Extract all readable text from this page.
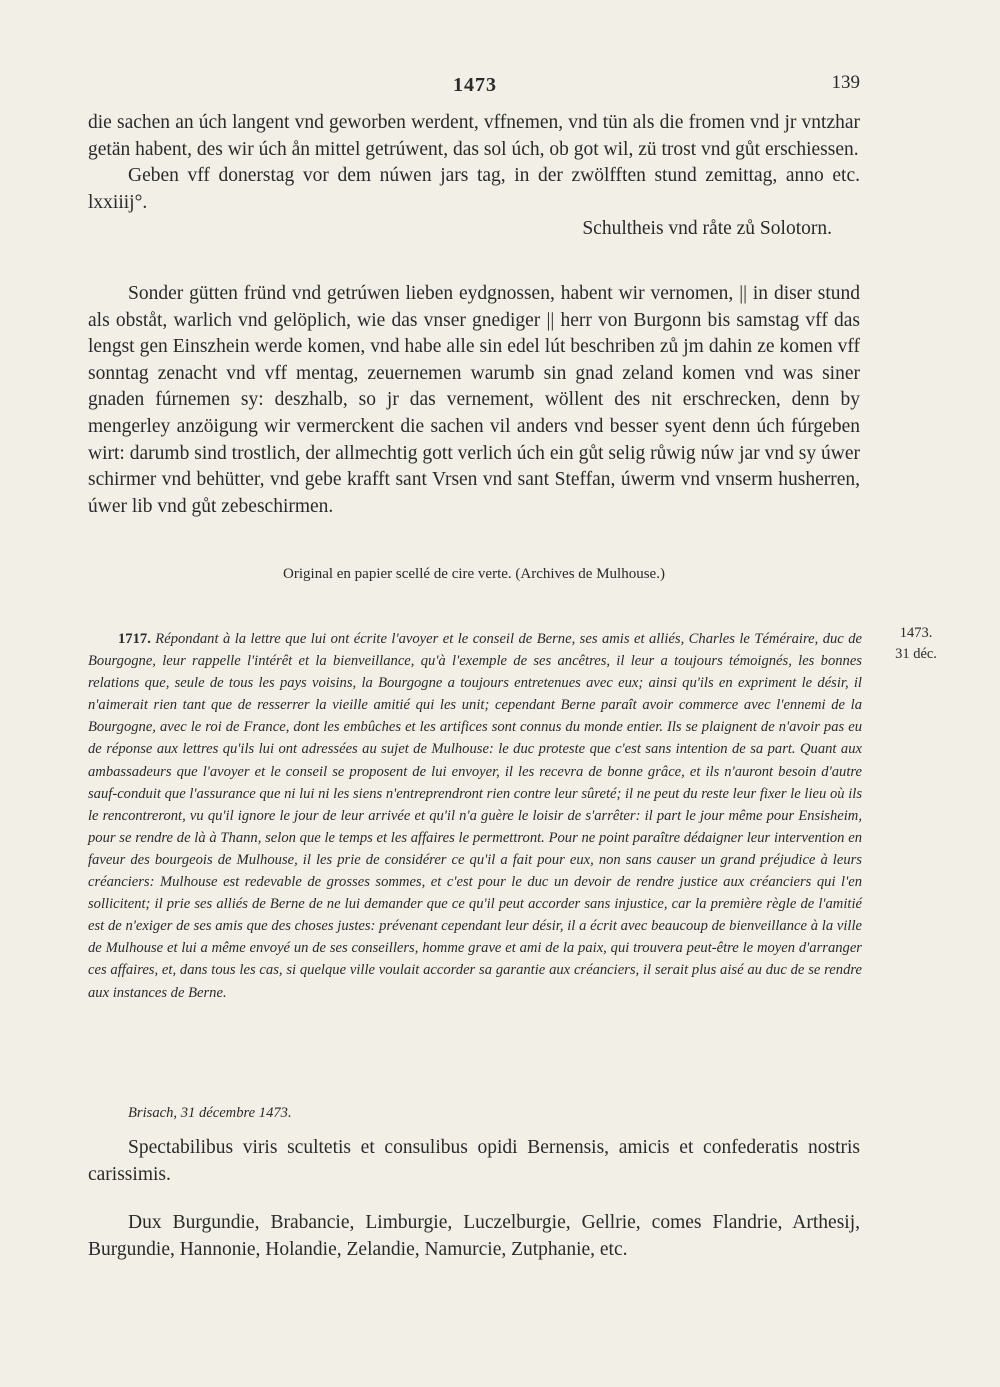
1473	139

die sachen an úch langent vnd geworben werdent, vffnemen, vnd tün als die fromen vnd jr vntzhar getän habent, des wir úch ån mittel getrúwent, das sol úch, ob got wil, zü trost vnd gůt erschiessen.

Geben vff donerstag vor dem núwen jars tag, in der zwölfften stund zemittag, anno etc. lxxiiij°.

Schultheis vnd råte zů Solotorn.

Sonder gütten fründ vnd getrúwen lieben eydgnossen, habent wir vernomen, || in diser stund als obståt, warlich vnd gelöplich, wie das vnser gnediger || herr von Burgonn bis samstag vff das lengst gen Einszhein werde komen, vnd habe alle sin edel lút beschriben zů jm dahin ze komen vff sonntag zenacht vnd vff mentag, zeuernemen warumb sin gnad zeland komen vnd was siner gnaden fúrnemen sy: deszhalb, so jr das vernement, wöllent des nit erschrecken, denn by mengerley anzöigung wir vermerckent die sachen vil anders vnd besser syent denn úch fúrgeben wirt: darumb sind trostlich, der allmechtig gott verlich úch ein gůt selig růwig núw jar vnd sy úwer schirmer vnd behütter, vnd gebe krafft sant Vrsen vnd sant Steffan, úwerm vnd vnserm husherren, úwer lib vnd gůt zebeschirmen.

Original en papier scellé de cire verte. (Archives de Mulhouse.)
1473.
31 déc.
1717. Répondant à la lettre que lui ont écrite l'avoyer et le conseil de Berne, ses amis et alliés, Charles le Téméraire, duc de Bourgogne, leur rappelle l'intérêt et la bienveillance, qu'à l'exemple de ses ancêtres, il leur a toujours témoignés, les bonnes relations que, seule de tous les pays voisins, la Bourgogne a toujours entretenues avec eux; ainsi qu'ils en expriment le désir, il n'aimerait rien tant que de resserrer la vieille amitié qui les unit; cependant Berne paraît avoir commerce avec l'ennemi de la Bourgogne, avec le roi de France, dont les embûches et les artifices sont connus du monde entier. Ils se plaignent de n'avoir pas eu de réponse aux lettres qu'ils lui ont adressées au sujet de Mulhouse: le duc proteste que c'est sans intention de sa part. Quant aux ambassadeurs que l'avoyer et le conseil se proposent de lui envoyer, il les recevra de bonne grâce, et ils n'auront besoin d'autre sauf-conduit que l'assurance que ni lui ni les siens n'entreprendront rien contre leur sûreté; il ne peut du reste leur fixer le lieu où ils le rencontreront, vu qu'il ignore le jour de leur arrivée et qu'il n'a guère le loisir de s'arrêter: il part le jour même pour Ensisheim, pour se rendre de là à Thann, selon que le temps et les affaires le permettront. Pour ne point paraître dédaigner leur intervention en faveur des bourgeois de Mulhouse, il les prie de considérer ce qu'il a fait pour eux, non sans causer un grand préjudice à leurs créanciers: Mulhouse est redevable de grosses sommes, et c'est pour le duc un devoir de rendre justice aux créanciers qui l'en sollicitent; il prie ses alliés de Berne de ne lui demander que ce qu'il peut accorder sans injustice, car la première règle de l'amitié est de n'exiger de ses amis que des choses justes: prévenant cependant leur désir, il a écrit avec beaucoup de bienveillance à la ville de Mulhouse et lui a même envoyé un de ses conseillers, homme grave et ami de la paix, qui trouvera peut-être le moyen d'arranger ces affaires, et, dans tous les cas, si quelque ville voulait accorder sa garantie aux créanciers, il serait plus aisé au duc de se rendre aux instances de Berne.
Brisach, 31 décembre 1473.

Spectabilibus viris scultetis et consulibus opidi Bernensis, amicis et confederatis nostris carissimis.

Dux Burgundie, Brabancie, Limburgie, Luczelburgie, Gellrie, comes Flandrie, Arthesij, Burgundie, Hannonie, Holandie, Zelandie, Namurcie, Zutphanie, etc.
